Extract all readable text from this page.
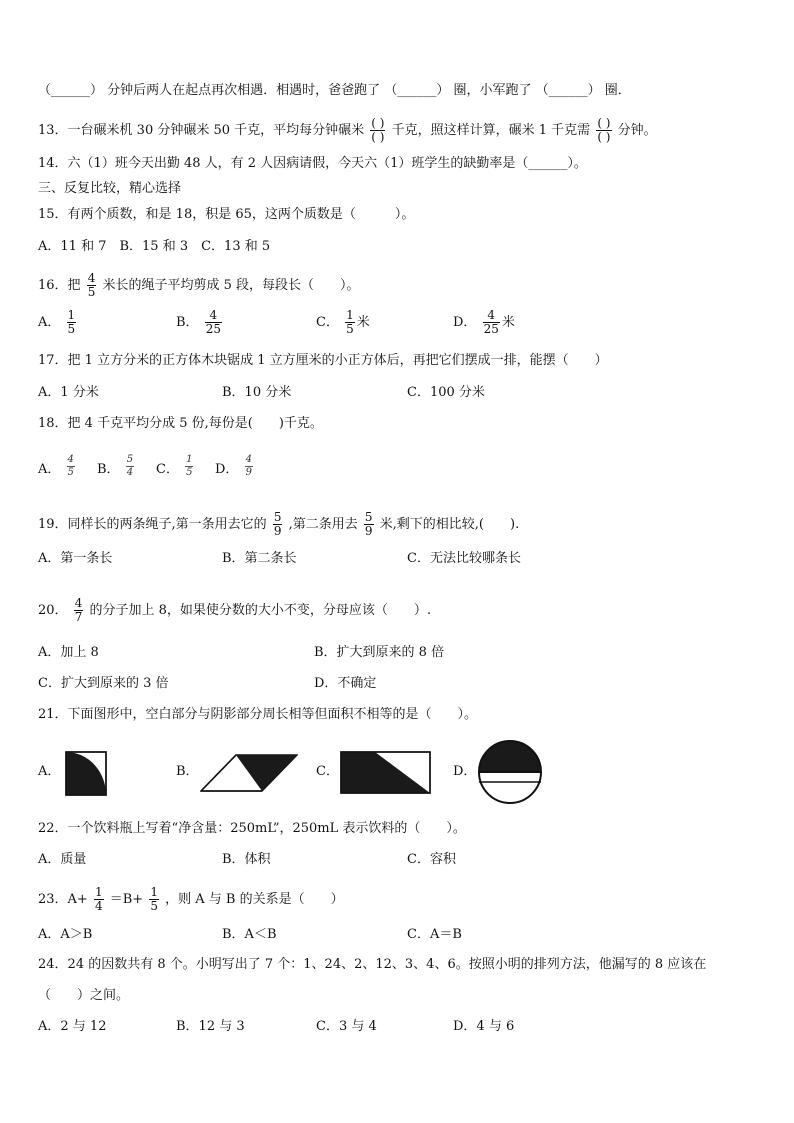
（______） 分钟后两人在起点再次相遇．相遇时，爸爸跑了 （______） 圈，小军跑了 （______） 圈．
13．一台碾米机 30 分钟碾米 50 千克，平均每分钟碾米 $\frac{( )}{( )}$ 千克，照这样计算，碾米 1 千克需 $\frac{( )}{( )}$ 分钟。
14．六（1）班今天出勤 48 人，有 2 人因病请假，今天六（1）班学生的缺勤率是（______）。
三、反复比较，精心选择
15．有两个质数，和是 18，积是 65，这两个质数是（　　　）。
A．11 和 7　B．15 和 3　C．13 和 5
16．把 $\frac{4}{5}$ 米长的绳子平均剪成 5 段，每段长（　　）。
A． $\frac{1}{5}$	B． $\frac{4}{25}$	C． $\frac{1}{5}$ 米	D． $\frac{4}{25}$ 米
17．把 1 立方分米的正方体木块锯成 1 立方厘米的小正方体后，再把它们摆成一排，能摆（　　）
A．1 分米	B．10 分米	C．100 分米
18．把 4 千克平均分成 5 份,每份是(　　)千克。
A． $\frac{4}{5}$ B． $\frac{5}{4}$ C． $\frac{1}{5}$ D． $\frac{4}{9}$
19．同样长的两条绳子,第一条用去它的 $\frac{5}{9}$ ,第二条用去 $\frac{5}{9}$ 米,剩下的相比较,(　　).
A．第一条长	B．第二条长	C．无法比较哪条长
20． $\frac{4}{7}$ 的分子加上 8，如果使分数的大小不变，分母应该（　　）.
A．加上 8	B．扩大到原来的 8 倍
C．扩大到原来的 3 倍	D．不确定
21．下面图形中，空白部分与阴影部分周长相等但面积不相等的是（　　）。
A．	B．	C．	D．
22．一个饮料瓶上写着“净含量：250mL”，250mL 表示饮料的（　　）。
A．质量	B．体积	C．容积
23．$A+ \frac{1}{4} =B+ \frac{1}{5}$ ，则 A 与 B 的关系是（　　）
A．A＞B	B．A＜B	C．A＝B
24．24 的因数共有 8 个。小明写出了 7 个：1、24、2、12、3、4、6。按照小明的排列方法，他漏写的 8 应该在
（　　）之间。
A．2 与 12	B．12 与 3	C．3 与 4	D．4 与 6
